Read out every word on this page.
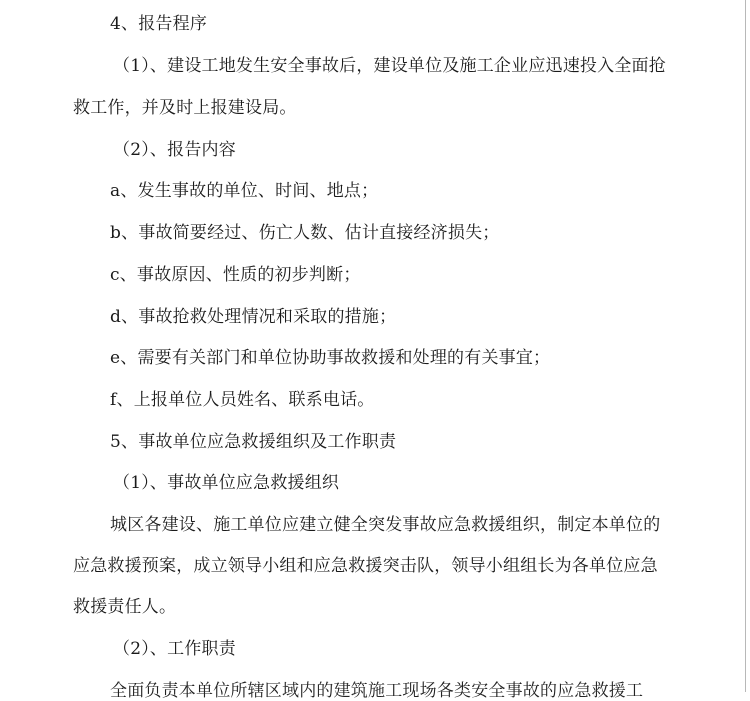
4、报告程序
（1）、建设工地发生安全事故后，建设单位及施工企业应迅速投入全面抢
救工作，并及时上报建设局。
（2）、报告内容
a、发生事故的单位、时间、地点；
b、事故简要经过、伤亡人数、估计直接经济损失；
c、事故原因、性质的初步判断；
d、事故抢救处理情况和采取的措施；
e、需要有关部门和单位协助事故救援和处理的有关事宜；
f、上报单位人员姓名、联系电话。
5、事故单位应急救援组织及工作职责
（1）、事故单位应急救援组织
城区各建设、施工单位应建立健全突发事故应急救援组织，制定本单位的
应急救援预案，成立领导小组和应急救援突击队，领导小组组长为各单位应急
救援责任人。
（2）、工作职责
全面负责本单位所辖区域内的建筑施工现场各类安全事故的应急救援工
